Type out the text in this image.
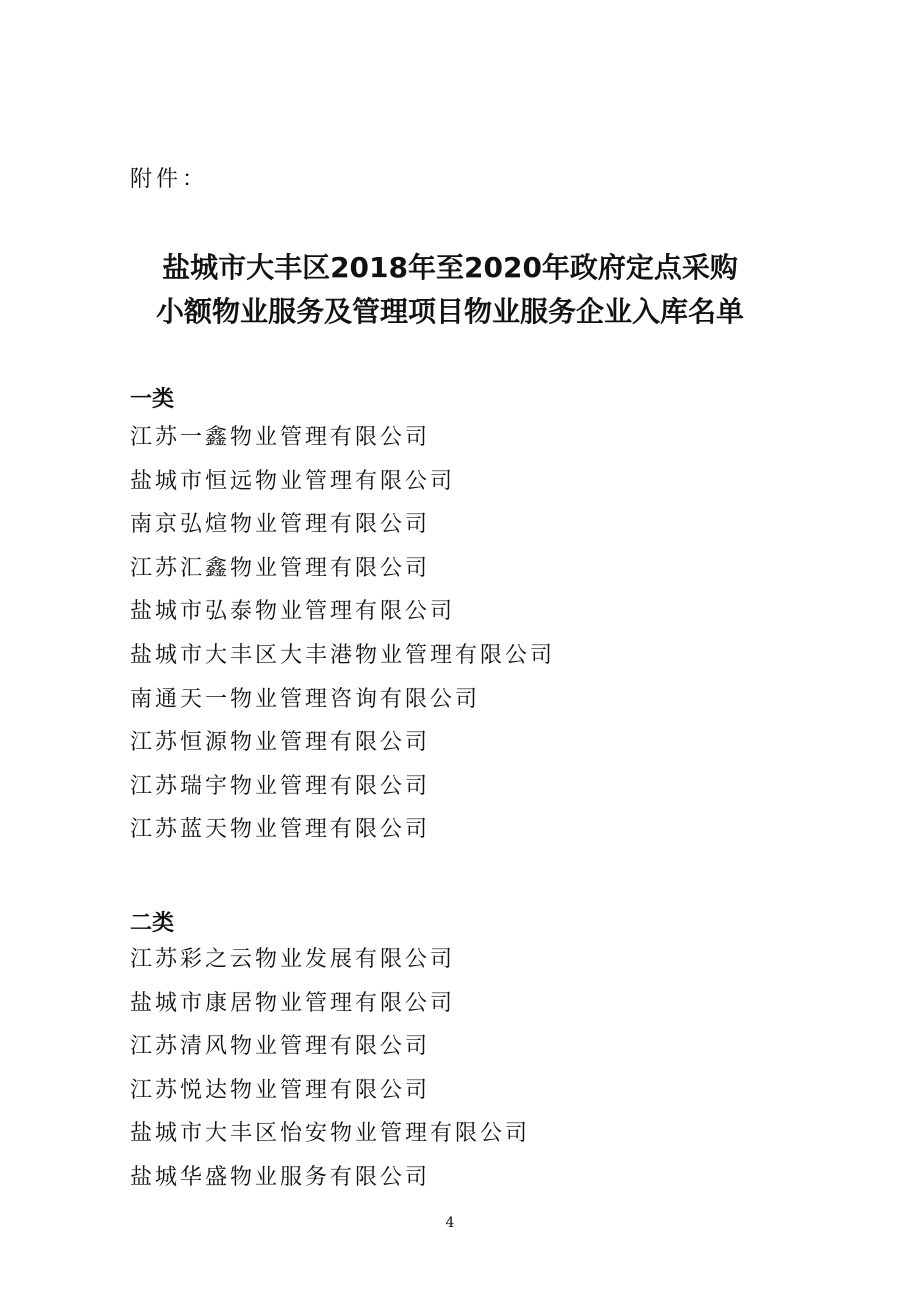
附件：
盐城市大丰区2018年至2020年政府定点采购
小额物业服务及管理项目物业服务企业入库名单
一类
江苏一鑫物业管理有限公司
盐城市恒远物业管理有限公司
南京弘煊物业管理有限公司
江苏汇鑫物业管理有限公司
盐城市弘泰物业管理有限公司
盐城市大丰区大丰港物业管理有限公司
南通天一物业管理咨询有限公司
江苏恒源物业管理有限公司
江苏瑞宇物业管理有限公司
江苏蓝天物业管理有限公司
二类
江苏彩之云物业发展有限公司
盐城市康居物业管理有限公司
江苏清风物业管理有限公司
江苏悦达物业管理有限公司
盐城市大丰区怡安物业管理有限公司
盐城华盛物业服务有限公司
4
